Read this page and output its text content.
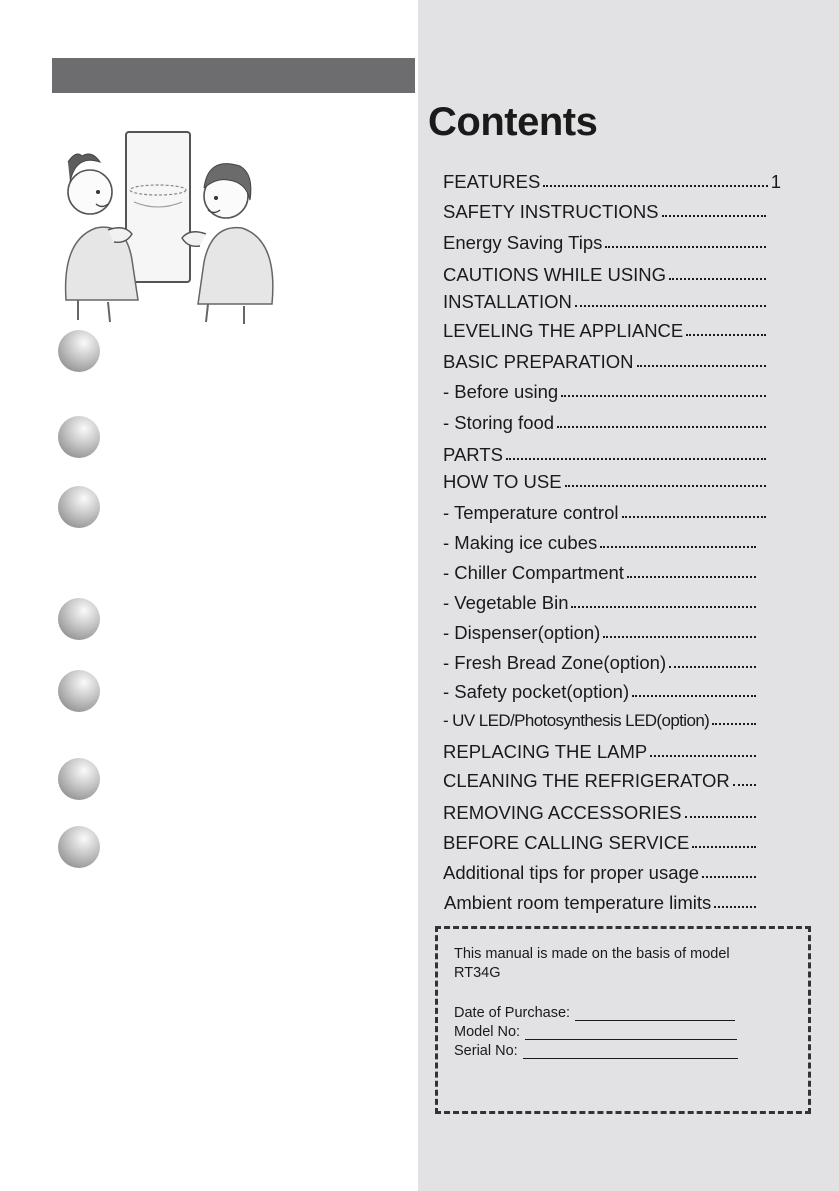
Contents
FEATURES	1
SAFETY INSTRUCTIONS
Energy Saving Tips
CAUTIONS WHILE USING
INSTALLATION
LEVELING THE APPLIANCE
BASIC PREPARATION
- Before using
- Storing food
PARTS
HOW TO USE
- Temperature control
- Making ice cubes
- Chiller Compartment
- Vegetable Bin
- Dispenser(option)
- Fresh Bread Zone(option)
- Safety pocket(option)
- UV LED/Photosynthesis LED(option)
REPLACING THE LAMP
CLEANING THE REFRIGERATOR
REMOVING ACCESSORIES
BEFORE CALLING SERVICE
Additional tips for proper usage
Ambient room temperature limits
This manual is made on the basis of model
RT34G
Date of Purchase:
Model No:
Serial No:
